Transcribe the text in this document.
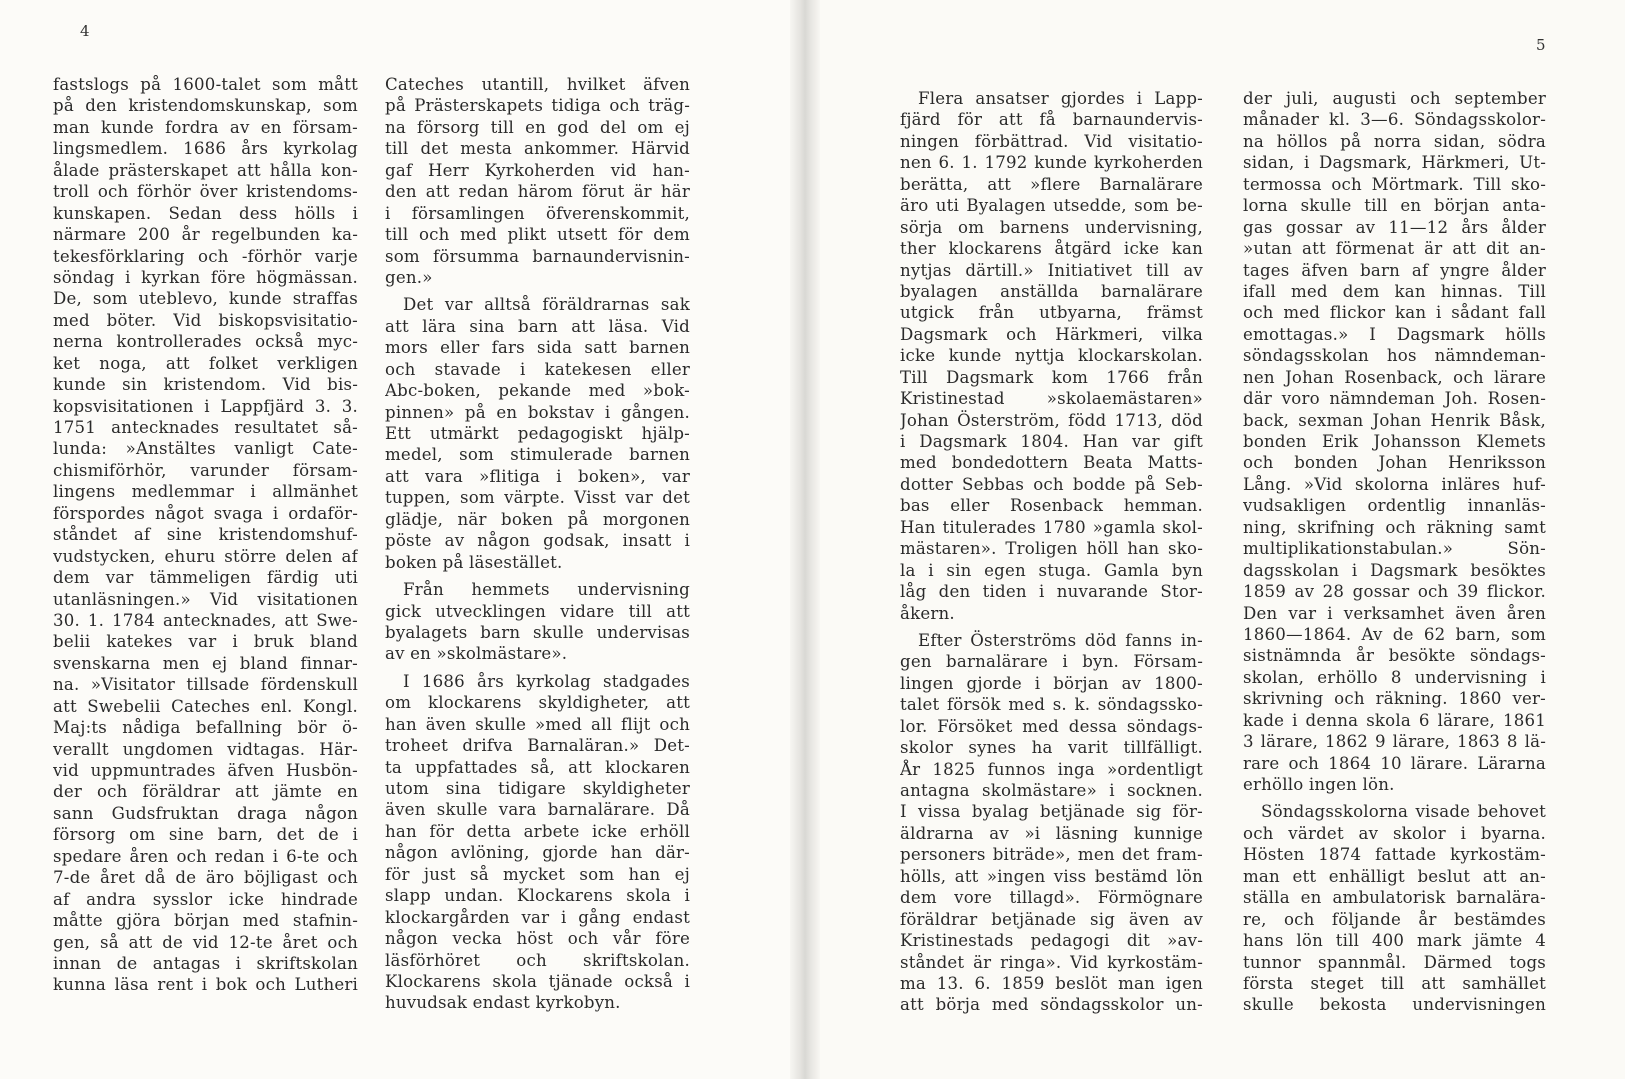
4
5
fastslogs på 1600-talet som mått
på den kristendomskunskap, som
man kunde fordra av en försam-
lingsmedlem. 1686 års kyrkolag
ålade prästerskapet att hålla kon-
troll och förhör över kristendoms-
kunskapen. Sedan dess hölls i
närmare 200 år regelbunden ka-
tekesförklaring och -förhör varje
söndag i kyrkan före högmässan.
De, som uteblevo, kunde straffas
med böter. Vid biskopsvisitatio-
nerna kontrollerades också myc-
ket noga, att folket verkligen
kunde sin kristendom. Vid bis-
kopsvisitationen i Lappfjärd 3. 3.
1751 antecknades resultatet så-
lunda: »Anstältes vanligt Cate-
chismiförhör, varunder försam-
lingens medlemmar i allmänhet
förspordes något svaga i ordaför-
ståndet af sine kristendomshuf-
vudstycken, ehuru större delen af
dem var tämmeligen färdig uti
utanläsningen.» Vid visitationen
30. 1. 1784 antecknades, att Swe-
belii katekes var i bruk bland
svenskarna men ej bland finnar-
na. »Visitator tillsade fördenskull
att Swebelii Cateches enl. Kongl.
Maj:ts nådiga befallning bör ö-
verallt ungdomen vidtagas. Här-
vid uppmuntrades äfven Husbön-
der och föräldrar att jämte en
sann Gudsfruktan draga någon
försorg om sine barn, det de i
spedare åren och redan i 6-te och
7-de året då de äro böjligast och
af andra sysslor icke hindrade
måtte gjöra början med stafnin-
gen, så att de vid 12-te året och
innan de antagas i skriftskolan
kunna läsa rent i bok och Lutheri
Cateches utantill, hvilket äfven
på Prästerskapets tidiga och träg-
na försorg till en god del om ej
till det mesta ankommer. Härvid
gaf Herr Kyrkoherden vid han-
den att redan härom förut är här
i församlingen öfverenskommit,
till och med plikt utsett för dem
som försumma barnaundervisnin-
gen.»
Det var alltså föräldrarnas sak
att lära sina barn att läsa. Vid
mors eller fars sida satt barnen
och stavade i katekesen eller
Abc-boken, pekande med »bok-
pinnen» på en bokstav i gången.
Ett utmärkt pedagogiskt hjälp-
medel, som stimulerade barnen
att vara »flitiga i boken», var
tuppen, som värpte. Visst var det
glädje, när boken på morgonen
pöste av någon godsak, insatt i
boken på läsestället.
Från hemmets undervisning
gick utvecklingen vidare till att
byalagets barn skulle undervisas
av en »skolmästare».
I 1686 års kyrkolag stadgades
om klockarens skyldigheter, att
han även skulle »med all flijt och
troheet drifva Barnaläran.» Det-
ta uppfattades så, att klockaren
utom sina tidigare skyldigheter
även skulle vara barnalärare. Då
han för detta arbete icke erhöll
någon avlöning, gjorde han där-
för just så mycket som han ej
slapp undan. Klockarens skola i
klockargården var i gång endast
någon vecka höst och vår före
läsförhöret och skriftskolan.
Klockarens skola tjänade också i
huvudsak endast kyrkobyn.
Flera ansatser gjordes i Lapp-
fjärd för att få barnaundervis-
ningen förbättrad. Vid visitatio-
nen 6. 1. 1792 kunde kyrkoherden
berätta, att »flere Barnalärare
äro uti Byalagen utsedde, som be-
sörja om barnens undervisning,
ther klockarens åtgärd icke kan
nytjas därtill.» Initiativet till av
byalagen anställda barnalärare
utgick från utbyarna, främst
Dagsmark och Härkmeri, vilka
icke kunde nyttja klockarskolan.
Till Dagsmark kom 1766 från
Kristinestad »skolaemästaren»
Johan Österström, född 1713, död
i Dagsmark 1804. Han var gift
med bondedottern Beata Matts-
dotter Sebbas och bodde på Seb-
bas eller Rosenback hemman.
Han titulerades 1780 »gamla skol-
mästaren». Troligen höll han sko-
la i sin egen stuga. Gamla byn
låg den tiden i nuvarande Stor-
åkern.
Efter Österströms död fanns in-
gen barnalärare i byn. Försam-
lingen gjorde i början av 1800-
talet försök med s. k. söndagssko-
lor. Försöket med dessa söndags-
skolor synes ha varit tillfälligt.
År 1825 funnos inga »ordentligt
antagna skolmästare» i socknen.
I vissa byalag betjänade sig för-
äldrarna av »i läsning kunnige
personers biträde», men det fram-
hölls, att »ingen viss bestämd lön
dem vore tillagd». Förmögnare
föräldrar betjänade sig även av
Kristinestads pedagogi dit »av-
ståndet är ringa». Vid kyrkostäm-
ma 13. 6. 1859 beslöt man igen
att börja med söndagsskolor un-
der juli, augusti och september
månader kl. 3—6. Söndagsskolor-
na höllos på norra sidan, södra
sidan, i Dagsmark, Härkmeri, Ut-
termossa och Mörtmark. Till sko-
lorna skulle till en början anta-
gas gossar av 11—12 års ålder
»utan att förmenat är att dit an-
tages äfven barn af yngre ålder
ifall med dem kan hinnas. Till
och med flickor kan i sådant fall
emottagas.» I Dagsmark hölls
söndagsskolan hos nämndeman-
nen Johan Rosenback, och lärare
där voro nämndeman Joh. Rosen-
back, sexman Johan Henrik Båsk,
bonden Erik Johansson Klemets
och bonden Johan Henriksson
Lång. »Vid skolorna inläres huf-
vudsakligen ordentlig innanläs-
ning, skrifning och räkning samt
multiplikationstabulan.» Sön-
dagsskolan i Dagsmark besöktes
1859 av 28 gossar och 39 flickor.
Den var i verksamhet även åren
1860—1864. Av de 62 barn, som
sistnämnda år besökte söndags-
skolan, erhöllo 8 undervisning i
skrivning och räkning. 1860 ver-
kade i denna skola 6 lärare, 1861
3 lärare, 1862 9 lärare, 1863 8 lä-
rare och 1864 10 lärare. Lärarna
erhöllo ingen lön.
Söndagsskolorna visade behovet
och värdet av skolor i byarna.
Hösten 1874 fattade kyrkostäm-
man ett enhälligt beslut att an-
ställa en ambulatorisk barnalära-
re, och följande år bestämdes
hans lön till 400 mark jämte 4
tunnor spannmål. Därmed togs
första steget till att samhället
skulle bekosta undervisningen
